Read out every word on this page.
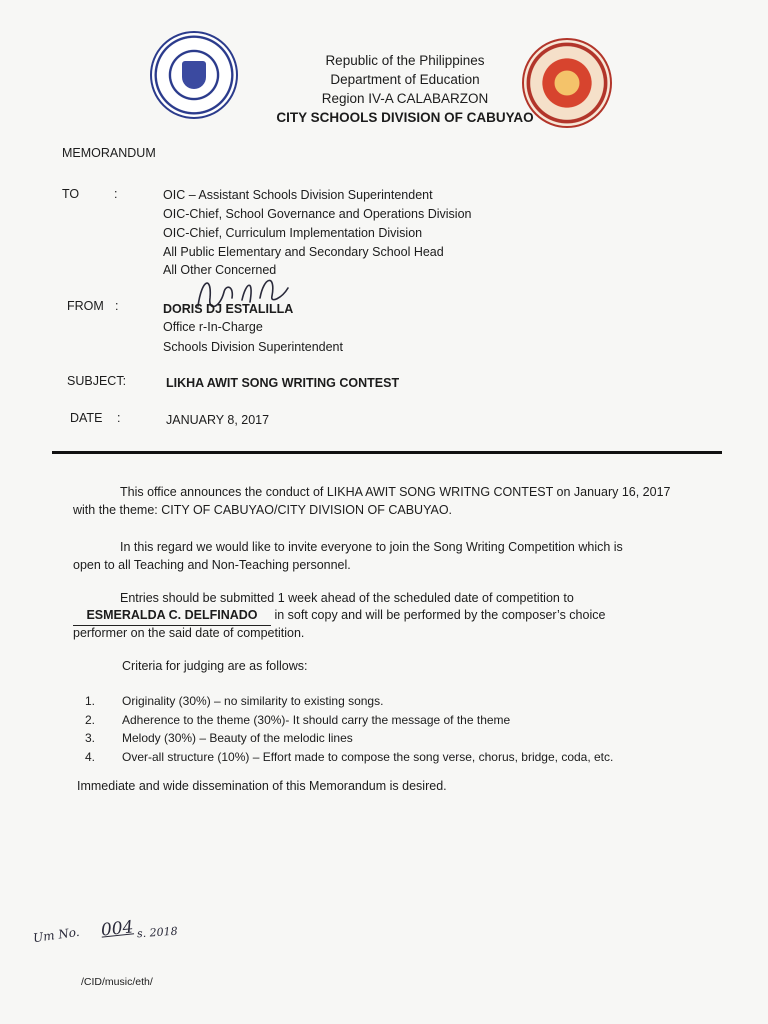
Republic of the Philippines
Department of Education
Region IV-A CALABARZON
CITY SCHOOLS DIVISION OF CABUYAO
MEMORANDUM
TO	:	OIC – Assistant Schools Division Superintendent
OIC-Chief, School Governance and Operations Division
OIC-Chief, Curriculum Implementation Division
All Public Elementary and Secondary School Head
All Other Concerned
FROM :	DORIS DJ ESTALILLA
Office r-In-Charge
Schools Division Superintendent
SUBJECT:	LIKHA AWIT SONG WRITING CONTEST
DATE :	JANUARY 8, 2017
This office announces the conduct of LIKHA AWIT SONG WRITNG CONTEST on January 16, 2017
with the theme: CITY OF CABUYAO/CITY DIVISION OF CABUYAO.
In this regard we would like to invite everyone to join the Song Writing Competition which is
open to all Teaching and Non-Teaching personnel.
Entries should be submitted 1 week ahead of the scheduled date of competition to
ESMERALDA C. DELFINADO in soft copy and will be performed by the composer’s choice
performer on the said date of competition.
Criteria for judging are as follows:
1.	Originality (30%) – no similarity to existing songs.
2.	Adherence to the theme (30%)- It should carry the message of the theme
3.	Melody (30%) – Beauty of the melodic lines
4.	Over-all structure (10%) – Effort made to compose the song verse, chorus, bridge, coda, etc.
Immediate and wide dissemination of this Memorandum is desired.
Um No. 004 s. 2018
/CID/music/eth/
